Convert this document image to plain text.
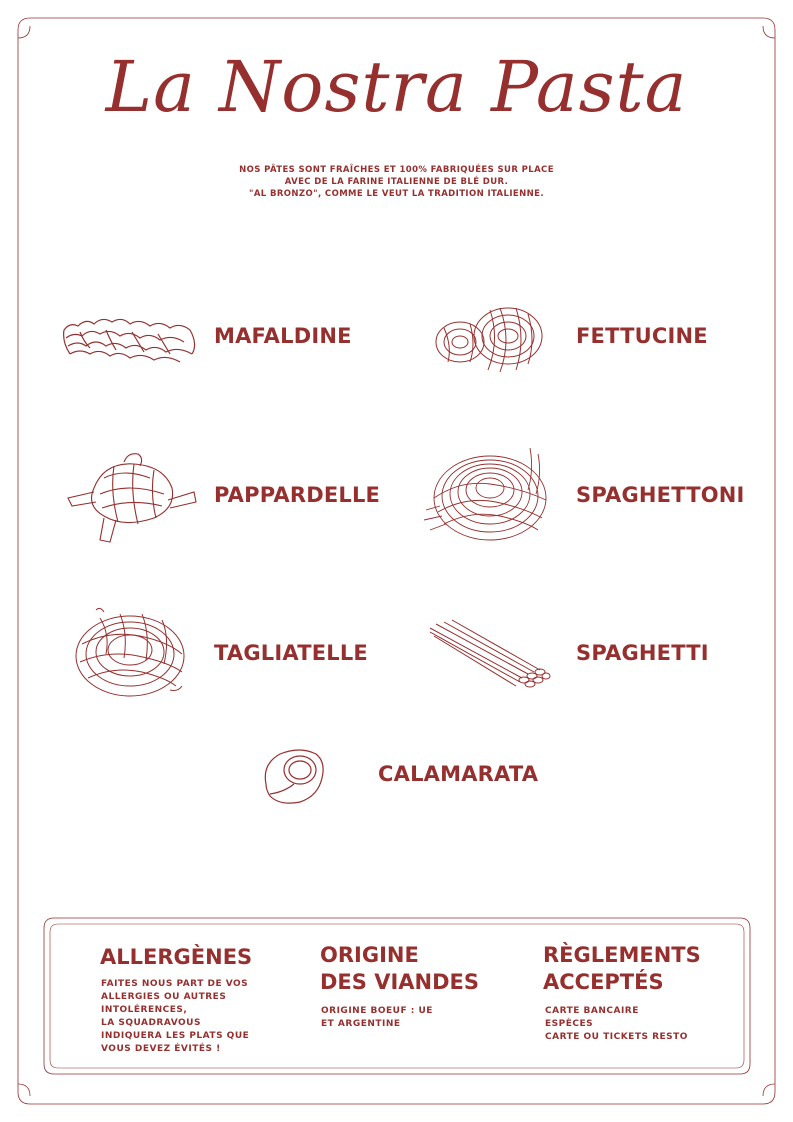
La Nostra Pasta
NOS PÂTES SONT FRAÎCHES ET 100% FABRIQUÉES SUR PLACE
AVEC DE LA FARINE ITALIENNE DE BLÉ DUR.
"AL BRONZO", COMME LE VEUT LA TRADITION ITALIENNE.
MAFALDINE	FETTUCINE
PAPPARDELLE	SPAGHETTONI
TAGLIATELLE	SPAGHETTI
CALAMARATA
ALLERGÈNES
FAITES NOUS PART DE VOS
ALLERGIES OU AUTRES
INTOLÉRENCES,
LA SQUADRAVOUS
INDIQUERA LES PLATS QUE
VOUS DEVEZ ÉVITÉS !
ORIGINE
DES VIANDES
ORIGINE BOEUF : UE
ET ARGENTINE
RÈGLEMENTS
ACCEPTÉS
CARTE BANCAIRE
ESPÈCES
CARTE OU TICKETS RESTO
